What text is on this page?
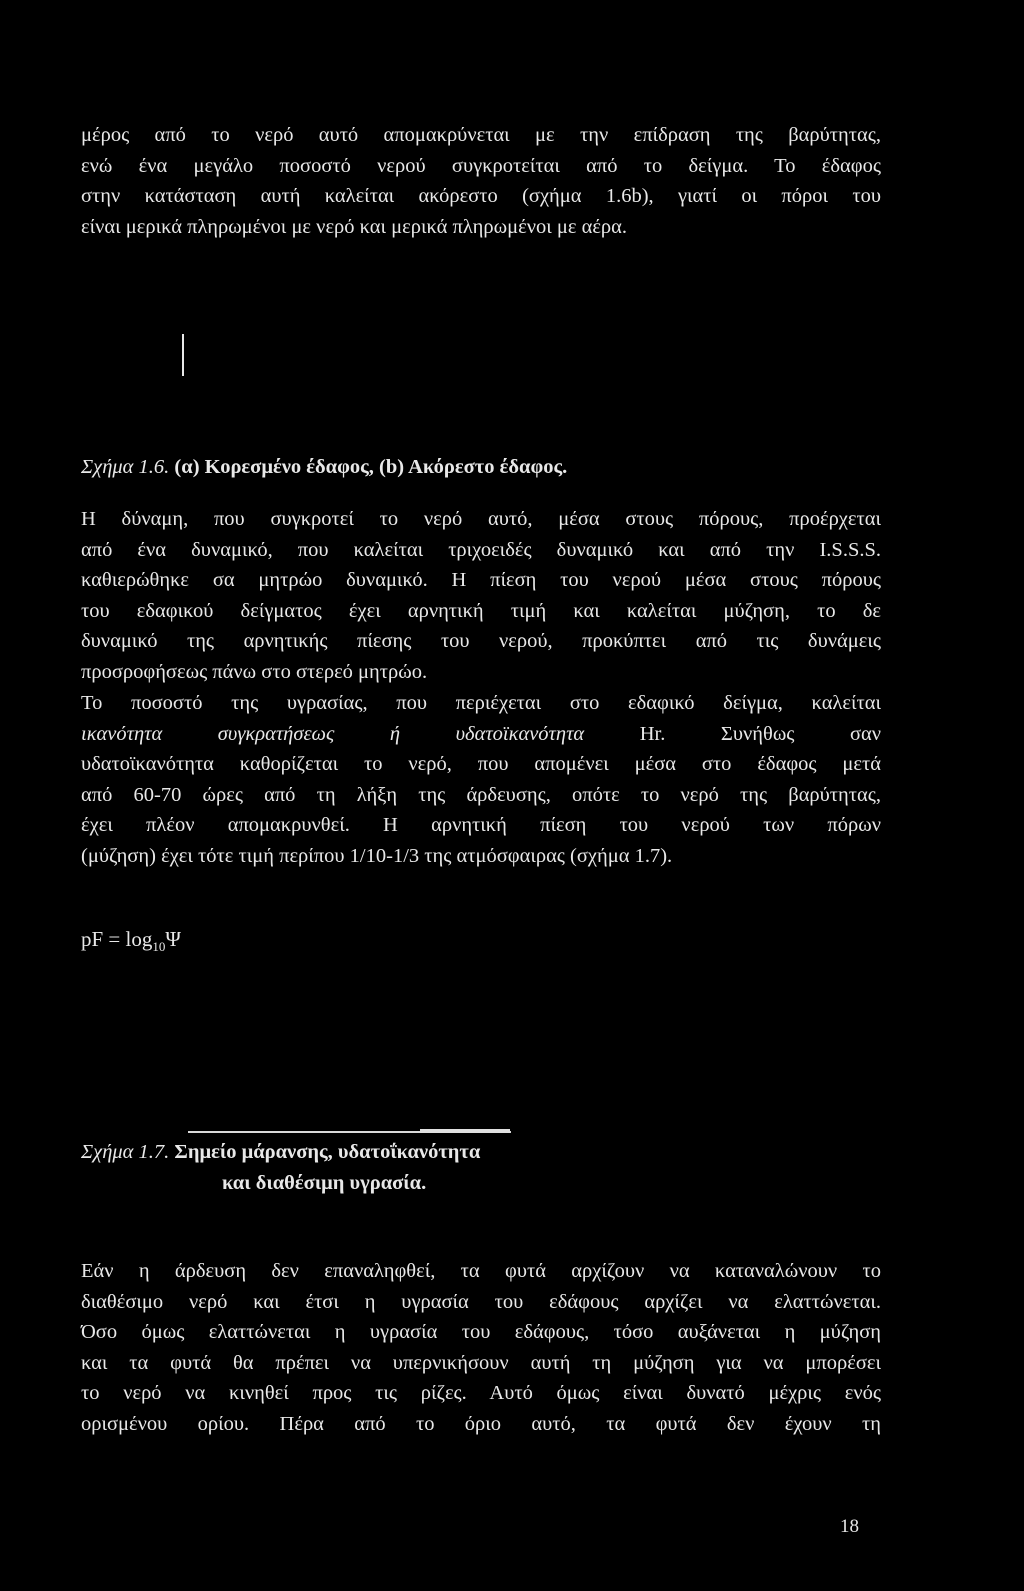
μέρος από το νερό αυτό απομακρύνεται με την επίδραση της βαρύτητας,
ενώ ένα μεγάλο ποσοστό νερού συγκροτείται από το δείγμα. Το έδαφος
στην κατάσταση αυτή καλείται ακόρεστο (σχήμα 1.6b), γιατί οι πόροι του
είναι μερικά πληρωμένοι με νερό και μερικά πληρωμένοι με αέρα.
Σχήμα 1.6. (α) Κορεσμένο έδαφος, (b) Ακόρεστο έδαφος.
Η δύναμη, που συγκροτεί το νερό αυτό, μέσα στους πόρους, προέρχεται
από ένα δυναμικό, που καλείται τριχοειδές δυναμικό και από την I.S.S.S.
καθιερώθηκε σα μητρώο δυναμικό. Η πίεση του νερού μέσα στους πόρους
του εδαφικού δείγματος έχει αρνητική τιμή και καλείται μύζηση, το δε
δυναμικό της αρνητικής πίεσης του νερού, προκύπτει από τις δυνάμεις
προσροφήσεως πάνω στο στερεό μητρώο.
Το ποσοστό της υγρασίας, που περιέχεται στο εδαφικό δείγμα, καλείται
ικανότητα συγκρατήσεως	ή	υδατοϊκανότητα	Hr.	Συνήθως σαν
υδατοϊκανότητα καθορίζεται το νερό, που απομένει μέσα στο έδαφος μετά
από 60-70 ώρες από τη λήξη της άρδευσης, οπότε το νερό της βαρύτητας,
έχει πλέον απομακρυνθεί. Η αρνητική πίεση του νερού των πόρων
(μύζηση) έχει τότε τιμή περίπου 1/10-1/3 της ατμόσφαιρας (σχήμα 1.7).
pF = $\log_{10}\Psi$
Σχήμα 1.7. Σημείο μάρανσης, υδατοΐκανότητα
και διαθέσιμη υγρασία.
Εάν η άρδευση δεν επαναληφθεί, τα φυτά αρχίζουν να καταναλώνουν το
διαθέσιμο νερό και έτσι η υγρασία του εδάφους αρχίζει να ελαττώνεται.
Όσο όμως ελαττώνεται η υγρασία του εδάφους, τόσο αυξάνεται η μύζηση
και τα φυτά θα πρέπει να υπερνικήσουν αυτή τη μύζηση για να μπορέσει
το νερό να κινηθεί προς τις ρίζες. Αυτό όμως είναι δυνατό μέχρις ενός
ορισμένου ορίου. Πέρα από το όριο αυτό, τα φυτά δεν έχουν τη
18
